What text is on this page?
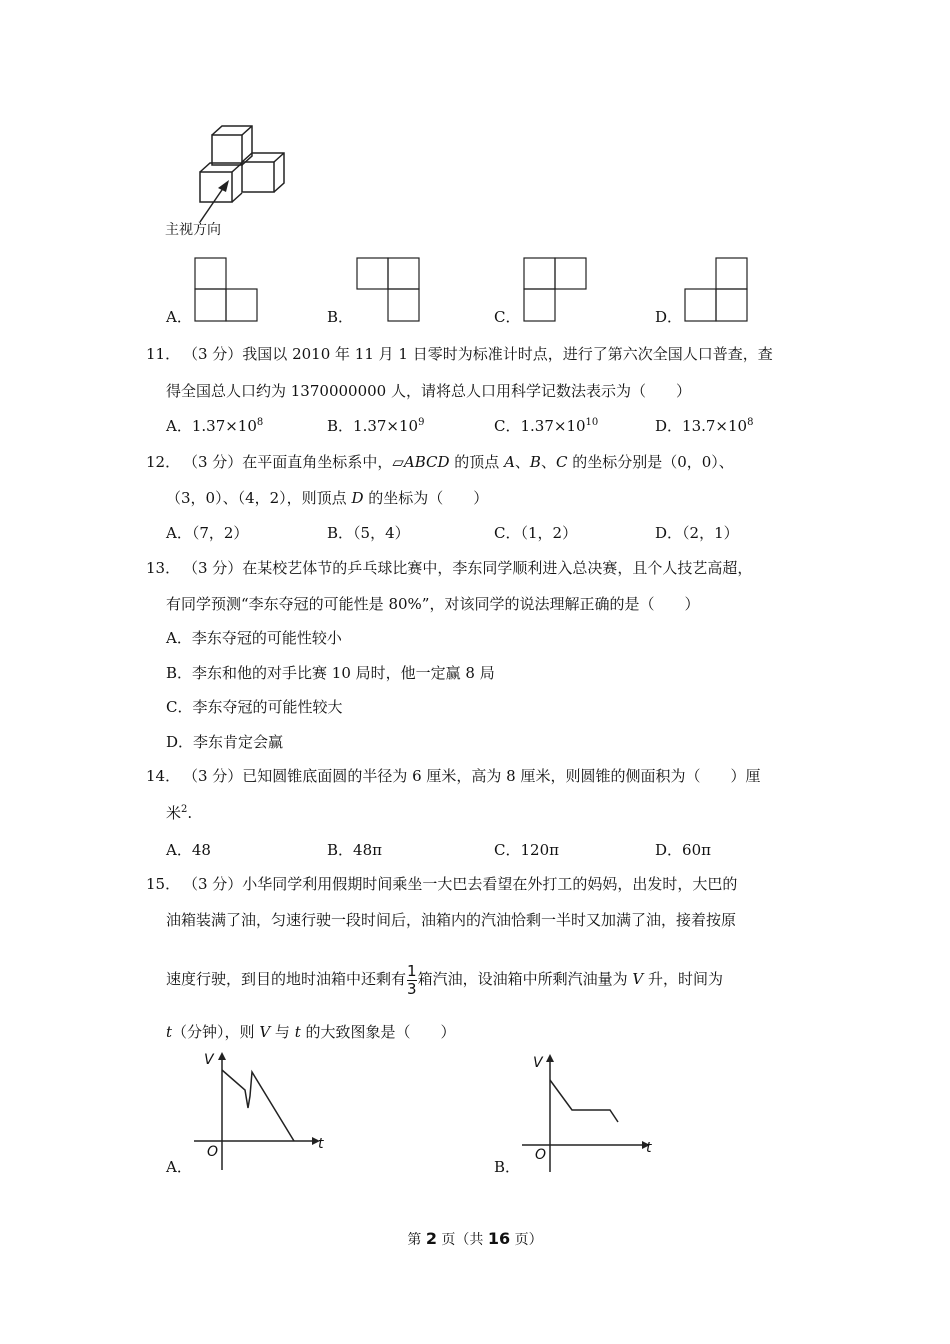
主视方向
A．	B．	C．	D．
11． （3 分）我国以 2010 年 11 月 1 日零时为标准计时点，进行了第六次全国人口普查，查
得全国总人口约为 1370000000 人，请将总人口用科学记数法表示为（　　）
A．$1.37\times 10^8$	B．$1.37\times 10^9$	C．$1.37\times 10^{10}$	D．$13.7\times 10^8$
12． （3 分）在平面直角坐标系中，▱ABCD 的顶点 A、B、C 的坐标分别是（0，0）、
（3，0）、（4，2），则顶点 D 的坐标为（　　）
A．（7，2）	B．（5，4）	C．（1，2）	D．（2，1）
13． （3 分）在某校艺体节的乒乓球比赛中，李东同学顺利进入总决赛，且个人技艺高超，
有同学预测“李东夺冠的可能性是 80%”，对该同学的说法理解正确的是（　　）
A．李东夺冠的可能性较小
B．李东和他的对手比赛 10 局时，他一定赢 8 局
C．李东夺冠的可能性较大
D．李东肯定会赢
14． （3 分）已知圆锥底面圆的半径为 6 厘米，高为 8 厘米，则圆锥的侧面积为（　　）厘
米$^2$.
A．48	B．48π	C．120π	D．60π
15． （3 分）小华同学利用假期时间乘坐一大巴去看望在外打工的妈妈，出发时，大巴的
油箱装满了油，匀速行驶一段时间后，油箱内的汽油恰剩一半时又加满了油，接着按原
速度行驶，到目的地时油箱中还剩有 $\frac{1}{3}$ 箱汽油，设油箱中所剩汽油量为 V 升，时间为
t（分钟），则 V 与 t 的大致图象是（　　）
A．
V
t
O
B．
V
t
O
第 2 页（共 16 页）
